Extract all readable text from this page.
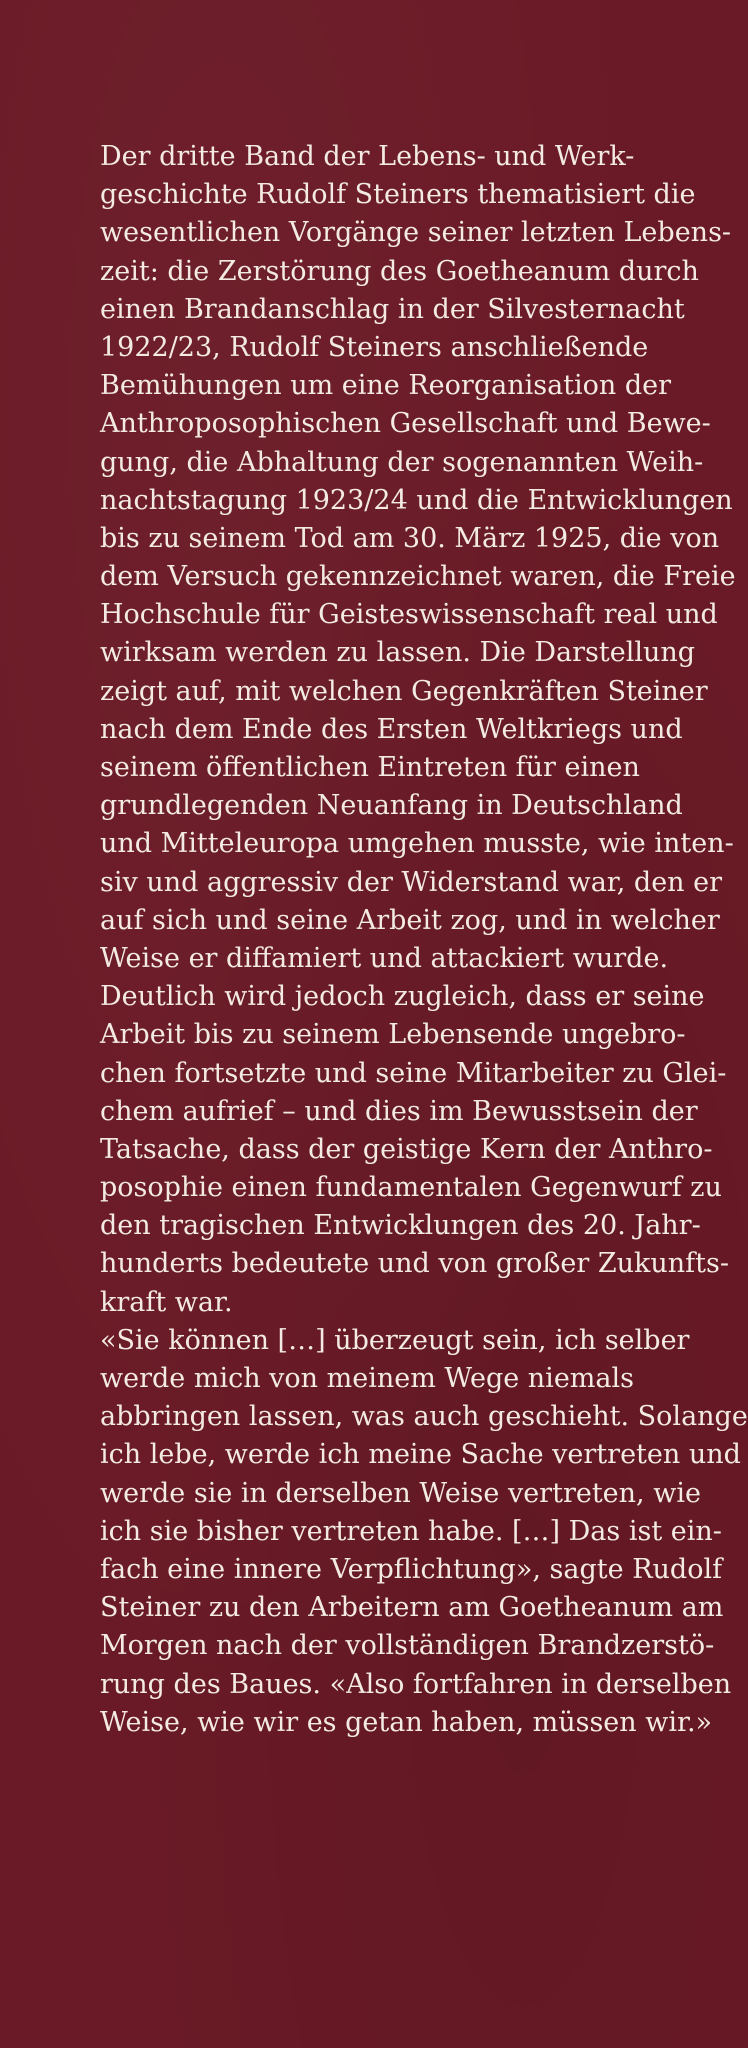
Der dritte Band der Lebens- und Werk-
geschichte Rudolf Steiners thematisiert die
wesentlichen Vorgänge seiner letzten Lebens-
zeit: die Zerstörung des Goetheanum durch
einen Brandanschlag in der Silvesternacht
1922/23, Rudolf Steiners anschließende
Bemühungen um eine Reorganisation der
Anthroposophischen Gesellschaft und Bewe-
gung, die Abhaltung der sogenannten Weih-
nachtstagung 1923/24 und die Entwicklungen
bis zu seinem Tod am 30. März 1925, die von
dem Versuch gekennzeichnet waren, die Freie
Hochschule für Geisteswissenschaft real und
wirksam werden zu lassen. Die Darstellung
zeigt auf, mit welchen Gegenkräften Steiner
nach dem Ende des Ersten Weltkriegs und
seinem öffentlichen Eintreten für einen
grundlegenden Neuanfang in Deutschland
und Mitteleuropa umgehen musste, wie inten-
siv und aggressiv der Widerstand war, den er
auf sich und seine Arbeit zog, und in welcher
Weise er diffamiert und attackiert wurde.
Deutlich wird jedoch zugleich, dass er seine
Arbeit bis zu seinem Lebensende ungebro-
chen fortsetzte und seine Mitarbeiter zu Glei-
chem aufrief – und dies im Bewusstsein der
Tatsache, dass der geistige Kern der Anthro-
posophie einen fundamentalen Gegenwurf zu
den tragischen Entwicklungen des 20. Jahr-
hunderts bedeutete und von großer Zukunfts-
kraft war.
«Sie können […] überzeugt sein, ich selber
werde mich von meinem Wege niemals
abbringen lassen, was auch geschieht. Solange
ich lebe, werde ich meine Sache vertreten und
werde sie in derselben Weise vertreten, wie
ich sie bisher vertreten habe. […] Das ist ein-
fach eine innere Verpflichtung», sagte Rudolf
Steiner zu den Arbeitern am Goetheanum am
Morgen nach der vollständigen Brandzerstö-
rung des Baues. «Also fortfahren in derselben
Weise, wie wir es getan haben, müssen wir.»
